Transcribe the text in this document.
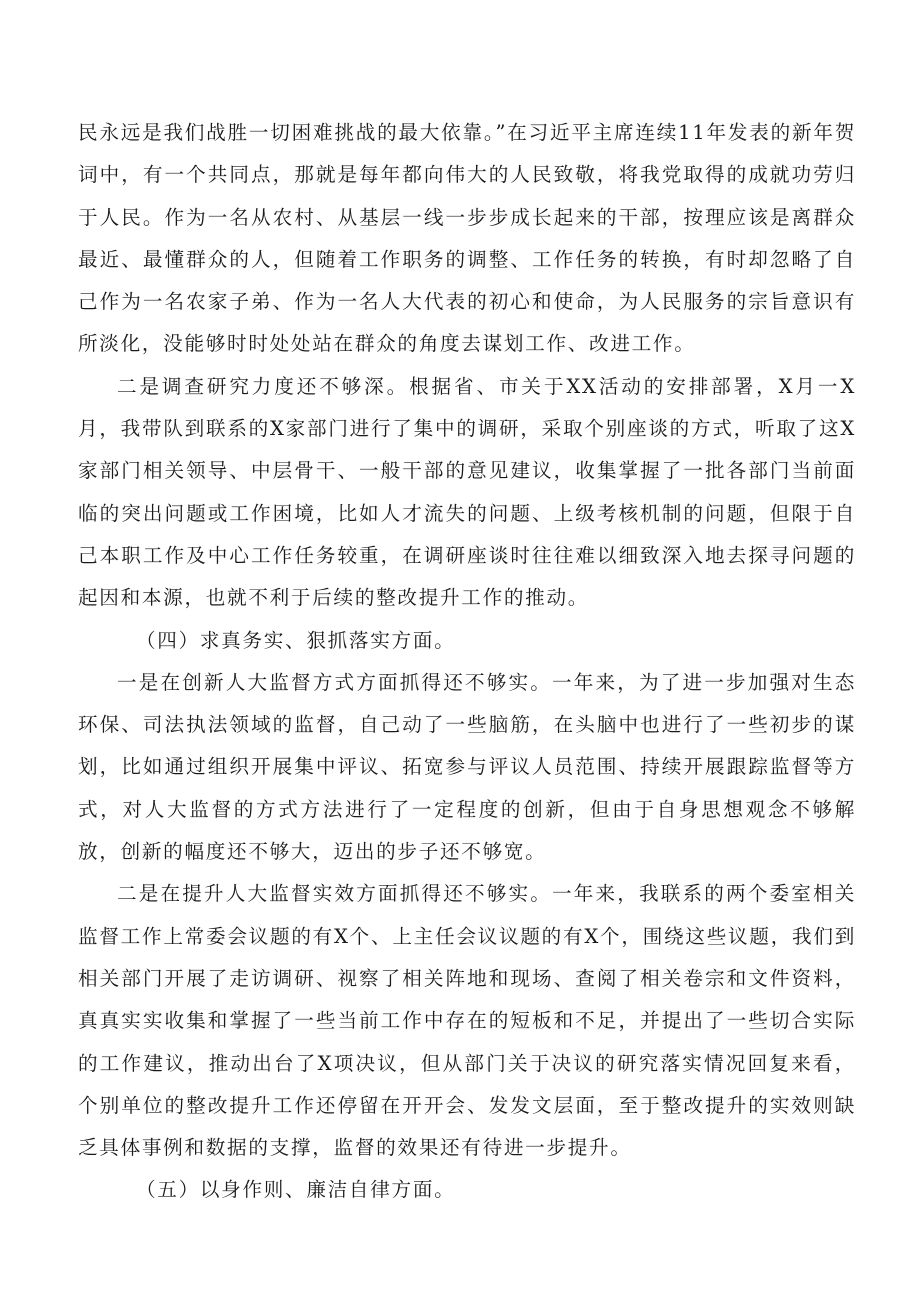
民永远是我们战胜一切困难挑战的最大依靠。”在习近平主席连续11年发表的新年贺词中，有一个共同点，那就是每年都向伟大的人民致敬，将我党取得的成就功劳归于人民。作为一名从农村、从基层一线一步步成长起来的干部，按理应该是离群众最近、最懂群众的人，但随着工作职务的调整、工作任务的转换，有时却忽略了自己作为一名农家子弟、作为一名人大代表的初心和使命，为人民服务的宗旨意识有所淡化，没能够时时处处站在群众的角度去谋划工作、改进工作。

二是调查研究力度还不够深。根据省、市关于XX活动的安排部署，X月一X月，我带队到联系的X家部门进行了集中的调研，采取个别座谈的方式，听取了这X家部门相关领导、中层骨干、一般干部的意见建议，收集掌握了一批各部门当前面临的突出问题或工作困境，比如人才流失的问题、上级考核机制的问题，但限于自己本职工作及中心工作任务较重，在调研座谈时往往难以细致深入地去探寻问题的起因和本源，也就不利于后续的整改提升工作的推动。

（四）求真务实、狠抓落实方面。

一是在创新人大监督方式方面抓得还不够实。一年来，为了进一步加强对生态环保、司法执法领域的监督，自己动了一些脑筋，在头脑中也进行了一些初步的谋划，比如通过组织开展集中评议、拓宽参与评议人员范围、持续开展跟踪监督等方式，对人大监督的方式方法进行了一定程度的创新，但由于自身思想观念不够解放，创新的幅度还不够大，迈出的步子还不够宽。

二是在提升人大监督实效方面抓得还不够实。一年来，我联系的两个委室相关监督工作上常委会议题的有X个、上主任会议议题的有X个，围绕这些议题，我们到相关部门开展了走访调研、视察了相关阵地和现场、查阅了相关卷宗和文件资料，真真实实收集和掌握了一些当前工作中存在的短板和不足，并提出了一些切合实际的工作建议，推动出台了X项决议，但从部门关于决议的研究落实情况回复来看，个别单位的整改提升工作还停留在开开会、发发文层面，至于整改提升的实效则缺乏具体事例和数据的支撑，监督的效果还有待进一步提升。

（五）以身作则、廉洁自律方面。
